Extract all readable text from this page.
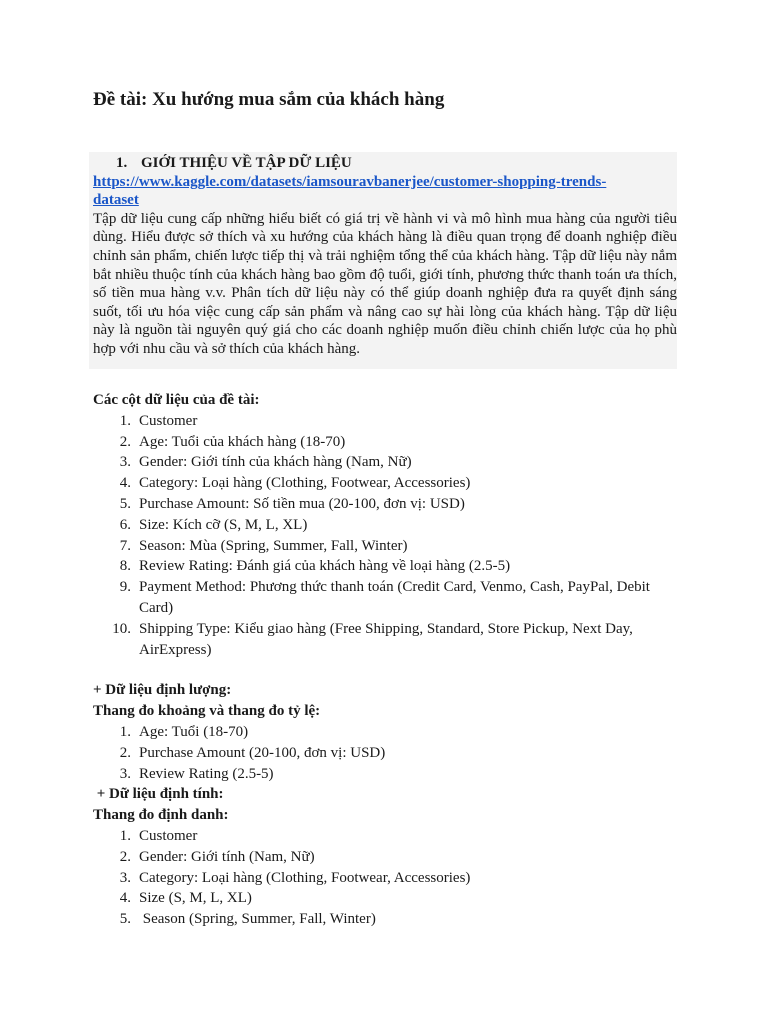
Đề tài: Xu hướng mua sắm của khách hàng
1. GIỚI THIỆU VỀ TẬP DỮ LIỆU
https://www.kaggle.com/datasets/iamsouravbanerjee/customer-shopping-trends-
dataset

Tập dữ liệu cung cấp những hiểu biết có giá trị về hành vi và mô hình mua hàng của người tiêu dùng. Hiểu được sở thích và xu hướng của khách hàng là điều quan trọng để doanh nghiệp điều chỉnh sản phẩm, chiến lược tiếp thị và trải nghiệm tổng thể của khách hàng. Tập dữ liệu này nắm bắt nhiều thuộc tính của khách hàng bao gồm độ tuổi, giới tính, phương thức thanh toán ưa thích, số tiền mua hàng v.v. Phân tích dữ liệu này có thể giúp doanh nghiệp đưa ra quyết định sáng suốt, tối ưu hóa việc cung cấp sản phẩm và nâng cao sự hài lòng của khách hàng. Tập dữ liệu này là nguồn tài nguyên quý giá cho các doanh nghiệp muốn điều chỉnh chiến lược của họ phù hợp với nhu cầu và sở thích của khách hàng.

Các cột dữ liệu của đề tài:
1. Customer
2. Age: Tuổi của khách hàng (18-70)
3. Gender: Giới tính của khách hàng (Nam, Nữ)
4. Category: Loại hàng (Clothing, Footwear, Accessories)
5. Purchase Amount: Số tiền mua (20-100, đơn vị: USD)
6. Size: Kích cỡ (S, M, L, XL)
7. Season: Mùa (Spring, Summer, Fall, Winter)
8. Review Rating: Đánh giá của khách hàng về loại hàng (2.5-5)
9. Payment Method: Phương thức thanh toán (Credit Card, Venmo, Cash, PayPal, Debit Card)
10. Shipping Type: Kiểu giao hàng (Free Shipping, Standard, Store Pickup, Next Day, AirExpress)
+ Dữ liệu định lượng:
Thang đo khoảng và thang đo tỷ lệ:
1. Age: Tuổi (18-70)
2. Purchase Amount (20-100, đơn vị: USD)
3. Review Rating (2.5-5)
+ Dữ liệu định tính:
Thang đo định danh:
1. Customer
2. Gender: Giới tính (Nam, Nữ)
3. Category: Loại hàng (Clothing, Footwear, Accessories)
4. Size (S, M, L, XL)
5. Season (Spring, Summer, Fall, Winter)
